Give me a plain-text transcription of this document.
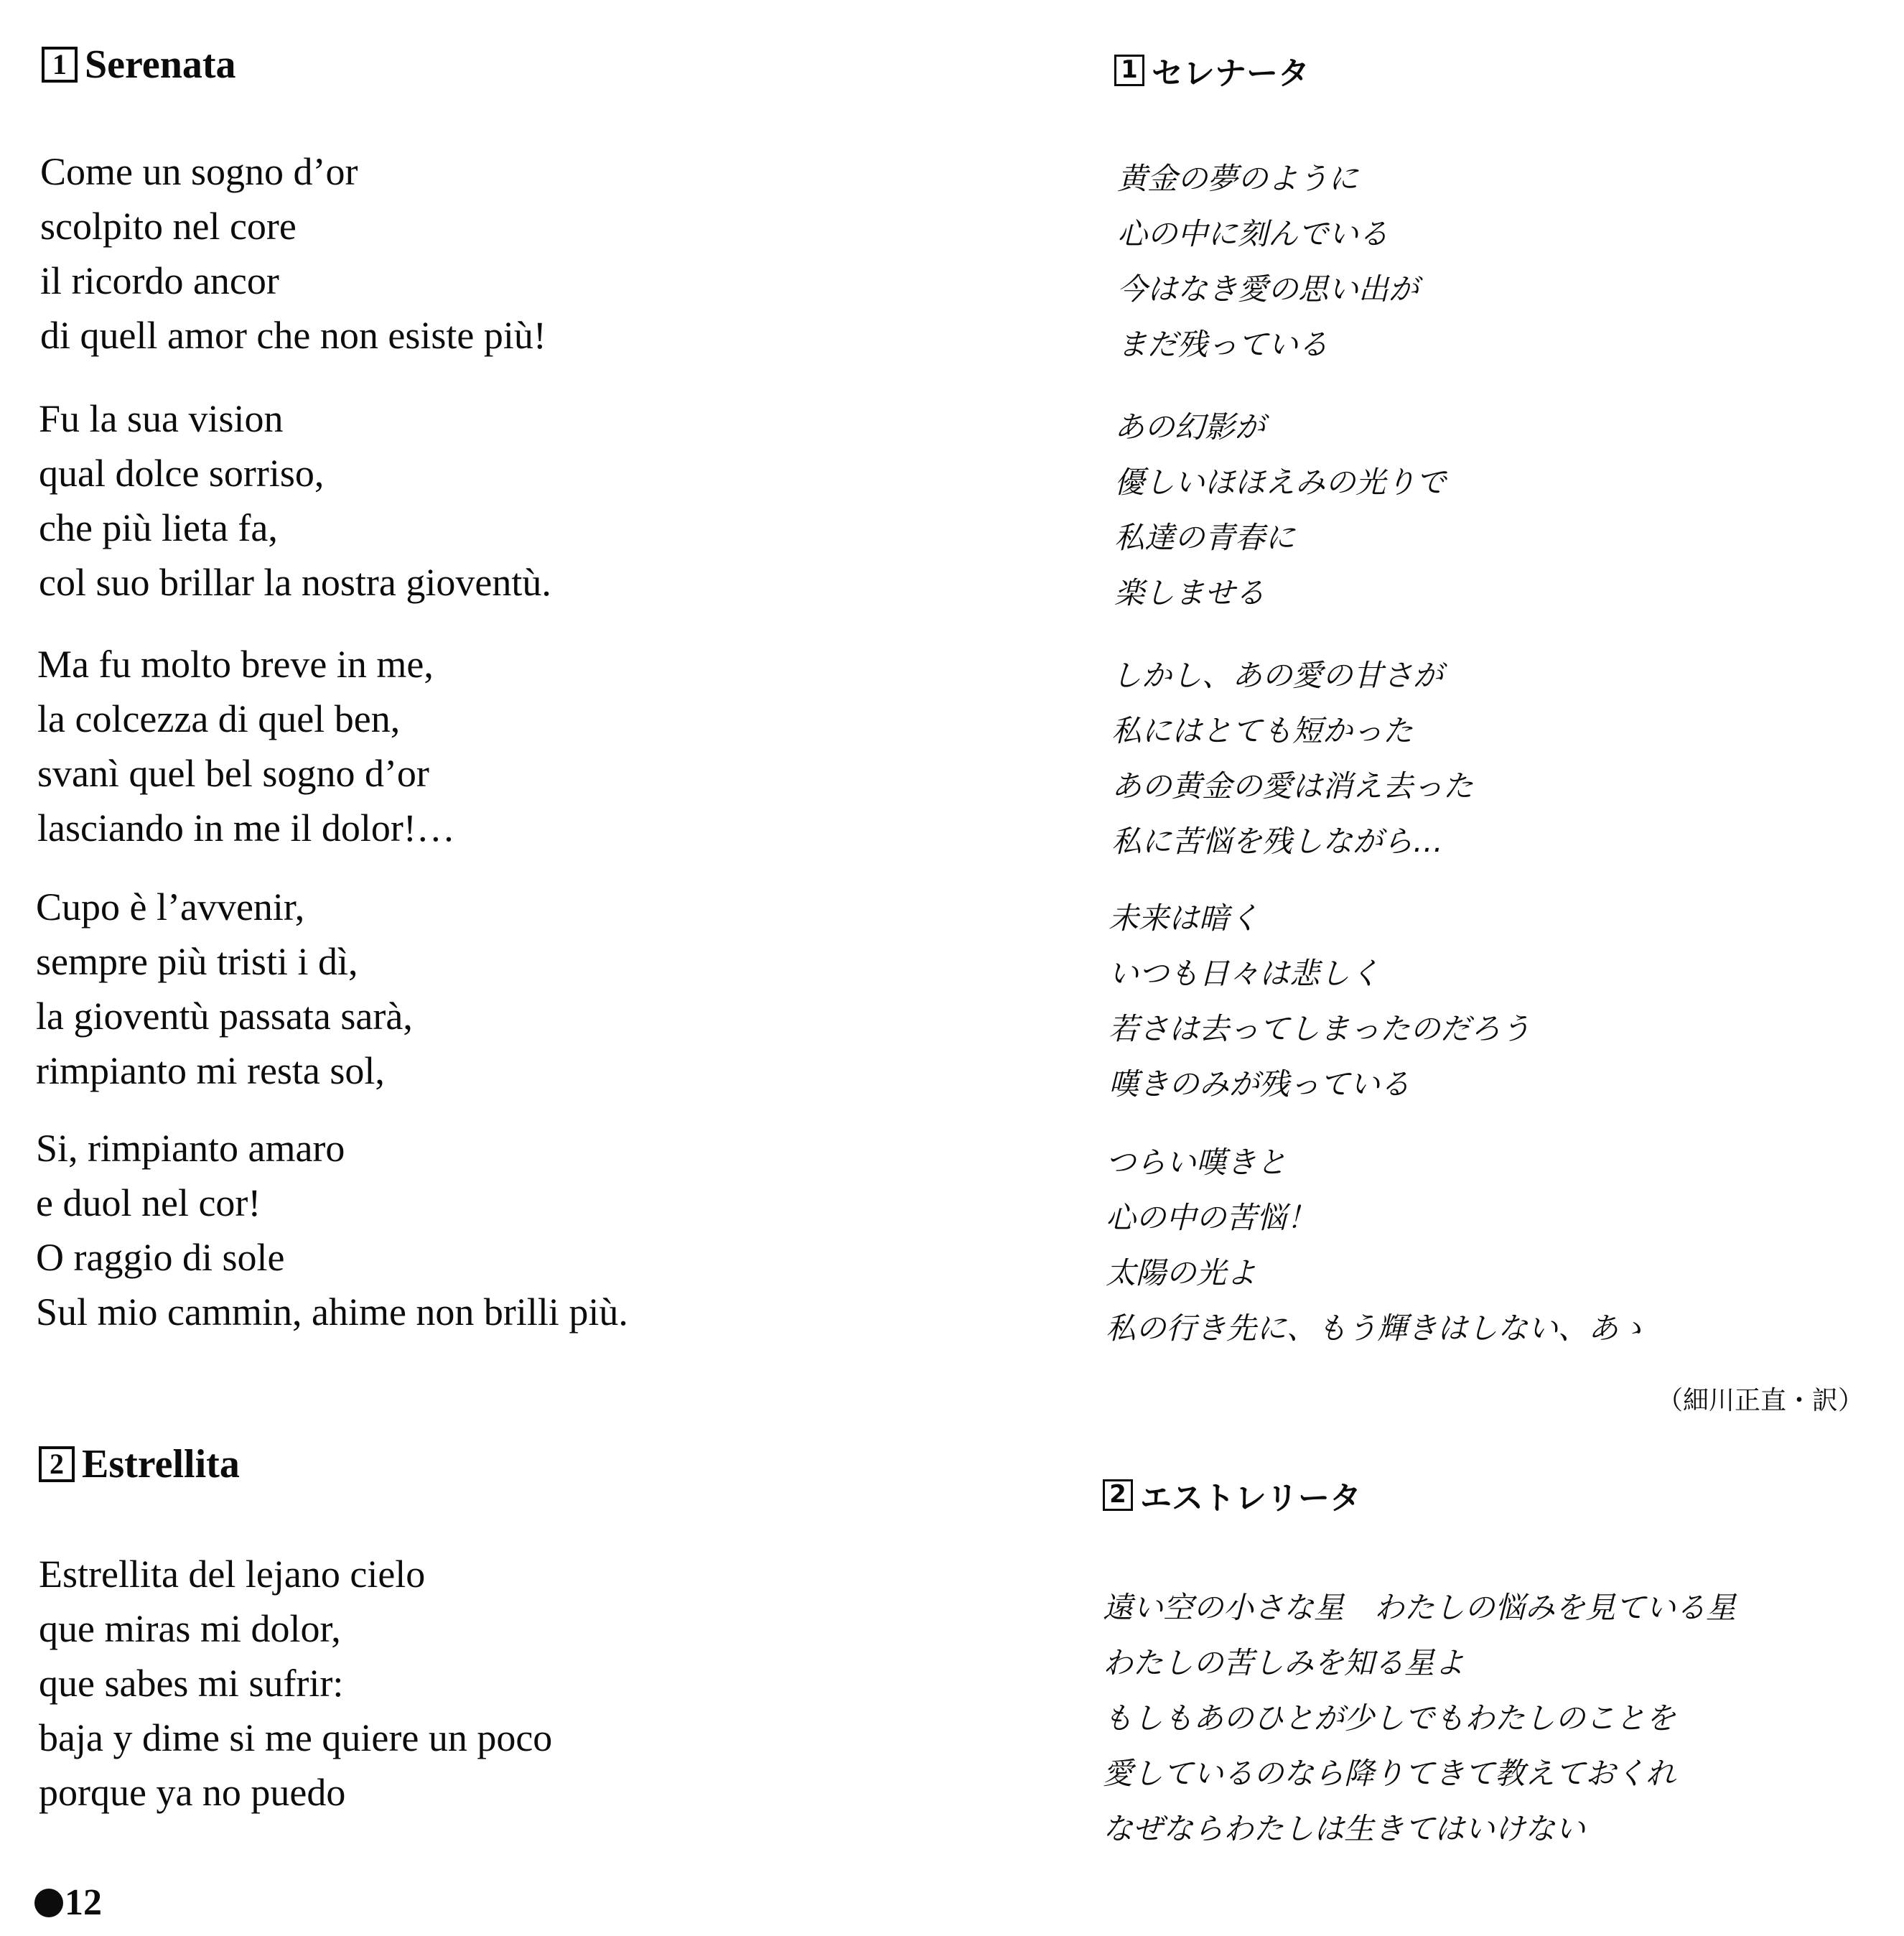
1 Serenata
Come un sogno d’or
scolpito nel core
il ricordo ancor
di quell amor che non esiste più!
Fu la sua vision
qual dolce sorriso,
che più lieta fa,
col suo brillar la nostra gioventù.
Ma fu molto breve in me,
la colcezza di quel ben,
svanì quel bel sogno d’or
lasciando in me il dolor!…
Cupo è l’avvenir,
sempre più tristi i dì,
la gioventù passata sarà,
rimpianto mi resta sol,
Si, rimpianto amaro
e duol nel cor!
O raggio di sole
Sul mio cammin, ahime non brilli più.
2 Estrellita
Estrellita del lejano cielo
que miras mi dolor,
que sabes mi sufrir:
baja y dime si me quiere un poco
porque ya no puedo
1 セレナータ
黄金の夢のように
心の中に刻んでいる
今はなき愛の思い出が
まだ残っている
あの幻影が
優しいほほえみの光りで
私達の青春に
楽しませる
しかし、あの愛の甘さが
私にはとても短かった
あの黄金の愛は消え去った
私に苦悩を残しながら…
未来は暗く
いつも日々は悲しく
若さは去ってしまったのだろう
嘆きのみが残っている
つらい嘆きと
心の中の苦悩！
太陽の光よ
私の行き先に、もう輝きはしない、あゝ
（細川正直・訳）
2 エストレリータ
遠い空の小さな星　わたしの悩みを見ている星
わたしの苦しみを知る星よ
もしもあのひとが少しでもわたしのことを
愛しているのなら降りてきて教えておくれ
なぜならわたしは生きてはいけない
12
